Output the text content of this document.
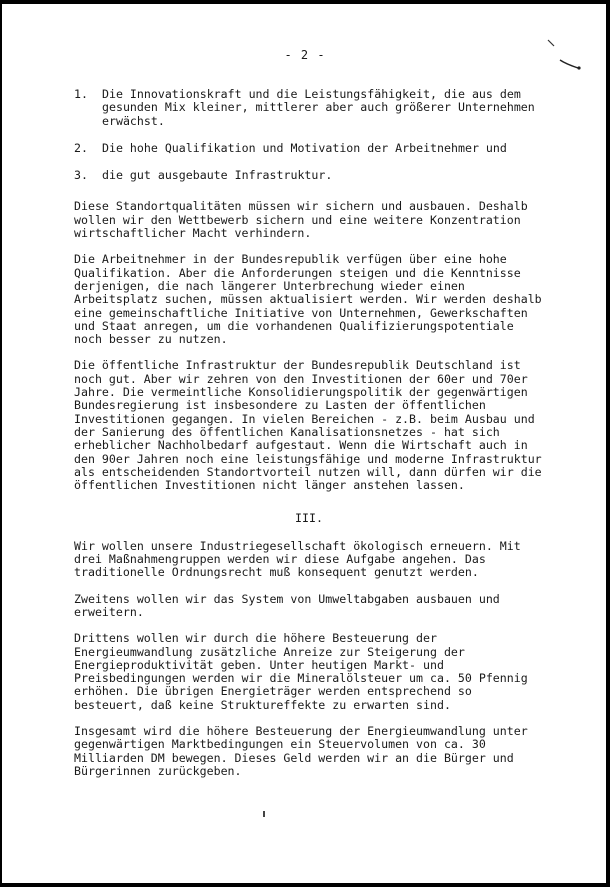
- 2 -
1.	Die Innovationskraft und die Leistungsfähigkeit, die aus dem gesunden Mix kleiner, mittlerer aber auch größerer Unternehmen erwächst.
2.	Die hohe Qualifikation und Motivation der Arbeitnehmer und
3.	die gut ausgebaute Infrastruktur.

Diese Standortqualitäten müssen wir sichern und ausbauen. Deshalb wollen wir den Wettbewerb sichern und eine weitere Konzentration wirtschaftlicher Macht verhindern.

Die Arbeitnehmer in der Bundesrepublik verfügen über eine hohe Qualifikation. Aber die Anforderungen steigen und die Kenntnisse derjenigen, die nach längerer Unterbrechung wieder einen Arbeitsplatz suchen, müssen aktualisiert werden. Wir werden deshalb eine gemeinschaftliche Initiative von Unternehmen, Gewerkschaften und Staat anregen, um die vorhandenen Qualifizierungspotentiale noch besser zu nutzen.

Die öffentliche Infrastruktur der Bundesrepublik Deutschland ist noch gut. Aber wir zehren von den Investitionen der 60er und 70er Jahre. Die vermeintliche Konsolidierungspolitik der gegenwärtigen Bundesregierung ist insbesondere zu Lasten der öffentlichen Investitionen gegangen. In vielen Bereichen - z.B. beim Ausbau und der Sanierung des öffentlichen Kanalisationsnetzes - hat sich erheblicher Nachholbedarf aufgestaut. Wenn die Wirtschaft auch in den 90er Jahren noch eine leistungsfähige und moderne Infrastruktur als entscheidenden Standortvorteil nutzen will, dann dürfen wir die öffentlichen Investitionen nicht länger anstehen lassen.

III.

Wir wollen unsere Industriegesellschaft ökologisch erneuern. Mit drei Maßnahmengruppen werden wir diese Aufgabe angehen. Das traditionelle Ordnungsrecht muß konsequent genutzt werden.

Zweitens wollen wir das System von Umweltabgaben ausbauen und erweitern.

Drittens wollen wir durch die höhere Besteuerung der Energieumwandlung zusätzliche Anreize zur Steigerung der Energieproduktivität geben. Unter heutigen Markt- und Preisbedingungen werden wir die Mineralölsteuer um ca. 50 Pfennig erhöhen. Die übrigen Energieträger werden entsprechend so besteuert, daß keine Struktureffekte zu erwarten sind.

Insgesamt wird die höhere Besteuerung der Energieumwandlung unter gegenwärtigen Marktbedingungen ein Steuervolumen von ca. 30 Milliarden DM bewegen. Dieses Geld werden wir an die Bürger und Bürgerinnen zurückgeben.
